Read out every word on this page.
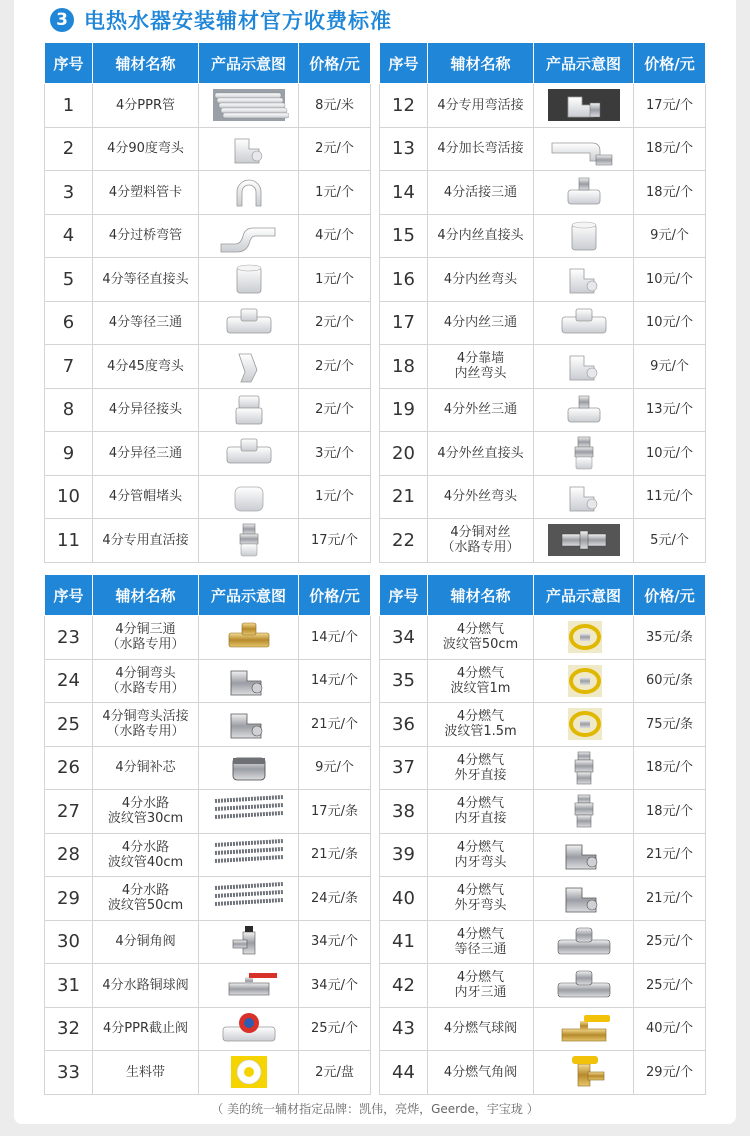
3 电热水器安装辅材官方收费标准
序号	辅材名称	产品示意图	价格/元
1	4分PPR管		8元/米
2	4分90度弯头		2元/个
3	4分塑料管卡		1元/个
4	4分过桥弯管		4元/个
5	4分等径直接头		1元/个
6	4分等径三通		2元/个
7	4分45度弯头		2元/个
8	4分异径接头		2元/个
9	4分异径三通		3元/个
10	4分管帽堵头		1元/个
11	4分专用直活接		17元/个
序号	辅材名称	产品示意图	价格/元
12	4分专用弯活接		17元/个
13	4分加长弯活接		18元/个
14	4分活接三通		18元/个
15	4分内丝直接头		9元/个
16	4分内丝弯头		10元/个
17	4分内丝三通		10元/个
18	4分靠墙
内丝弯头		9元/个
19	4分外丝三通		13元/个
20	4分外丝直接头		10元/个
21	4分外丝弯头		11元/个
22	4分铜对丝
（水路专用）		5元/个
序号	辅材名称	产品示意图	价格/元
23	4分铜三通
（水路专用）		14元/个
24	4分铜弯头
（水路专用）		14元/个
25	4分铜弯头活接
（水路专用）		21元/个
26	4分铜补芯		9元/个
27	4分水路
波纹管30cm		17元/条
28	4分水路
波纹管40cm		21元/条
29	4分水路
波纹管50cm		24元/条
30	4分铜角阀		34元/个
31	4分水路铜球阀		34元/个
32	4分PPR截止阀		25元/个
33	生料带		2元/盘
序号	辅材名称	产品示意图	价格/元
34	4分燃气
波纹管50cm		35元/条
35	4分燃气
波纹管1m		60元/条
36	4分燃气
波纹管1.5m		75元/条
37	4分燃气
外牙直接		18元/个
38	4分燃气
内牙直接		18元/个
39	4分燃气
内牙弯头		21元/个
40	4分燃气
外牙弯头		21元/个
41	4分燃气
等径三通		25元/个
42	4分燃气
内牙三通		25元/个
43	4分燃气球阀		40元/个
44	4分燃气角阀		29元/个
（ 美的统一辅材指定品牌：凯伟，亮烨，Geerde，宇宝珑 ）
